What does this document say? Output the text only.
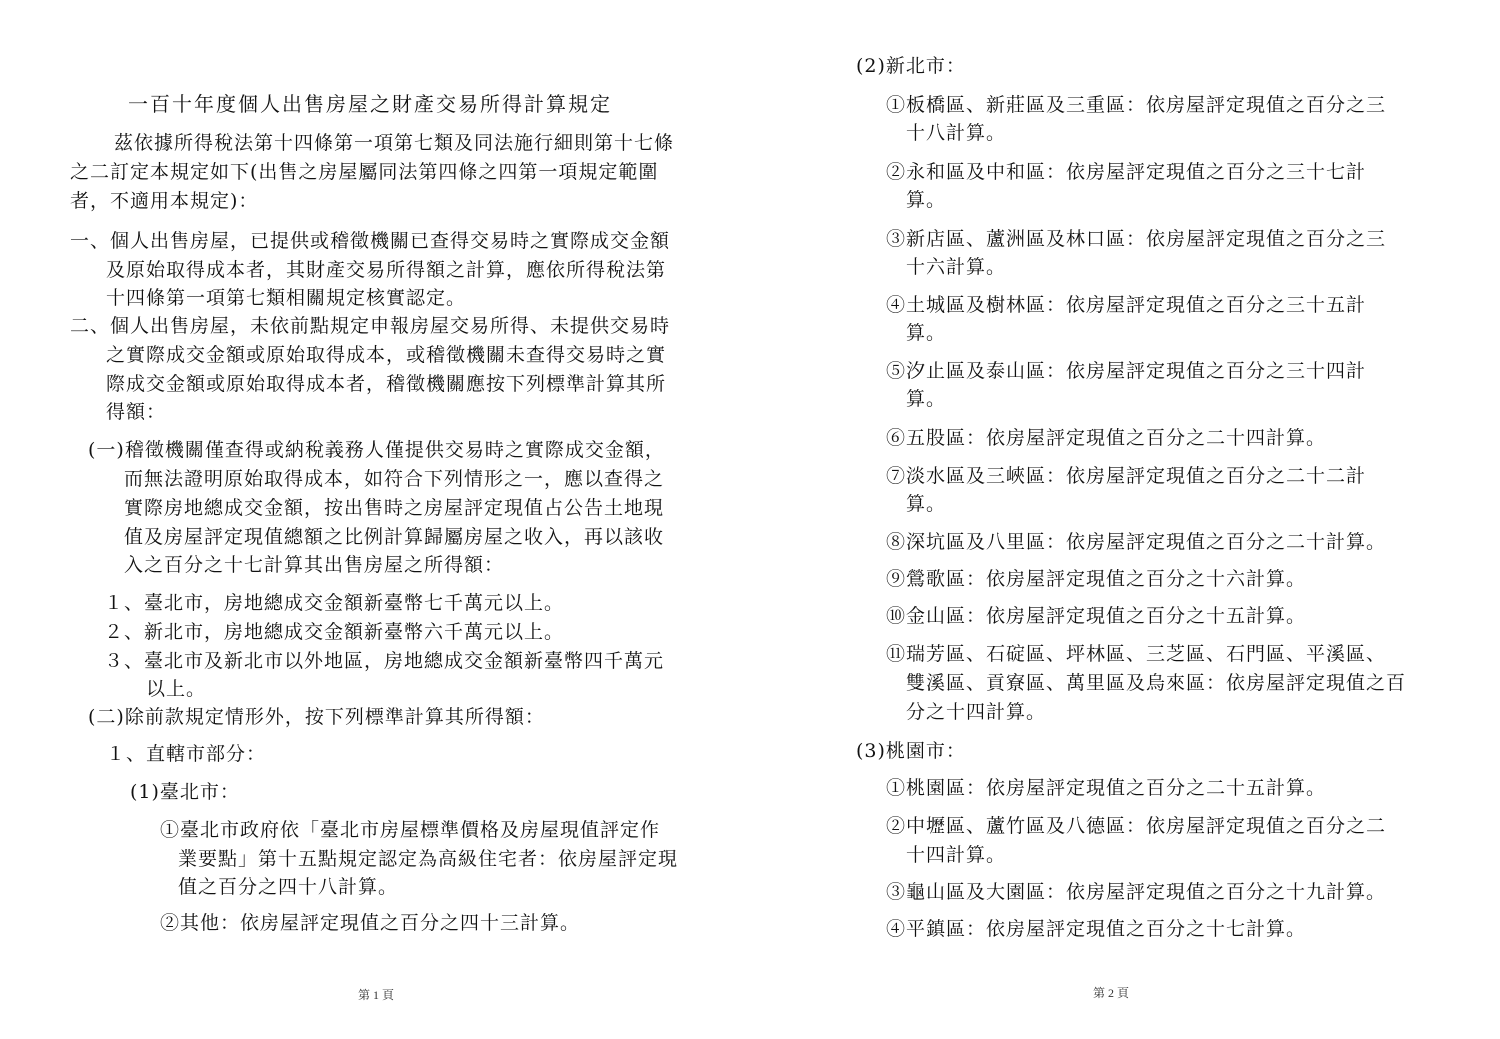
一百十年度個人出售房屋之財產交易所得計算規定
茲依據所得稅法第十四條第一項第七類及同法施行細則第十七條
之二訂定本規定如下(出售之房屋屬同法第四條之四第一項規定範圍
者，不適用本規定)：
一、個人出售房屋，已提供或稽徵機關已查得交易時之實際成交金額
及原始取得成本者，其財產交易所得額之計算，應依所得稅法第
十四條第一項第七類相關規定核實認定。
二、個人出售房屋，未依前點規定申報房屋交易所得、未提供交易時
之實際成交金額或原始取得成本，或稽徵機關未查得交易時之實
際成交金額或原始取得成本者，稽徵機關應按下列標準計算其所
得額：
(一)稽徵機關僅查得或納稅義務人僅提供交易時之實際成交金額，
而無法證明原始取得成本，如符合下列情形之一，應以查得之
實際房地總成交金額，按出售時之房屋評定現值占公告土地現
值及房屋評定現值總額之比例計算歸屬房屋之收入，再以該收
入之百分之十七計算其出售房屋之所得額：
１、臺北市，房地總成交金額新臺幣七千萬元以上。
２、新北市，房地總成交金額新臺幣六千萬元以上。
３、臺北市及新北市以外地區，房地總成交金額新臺幣四千萬元
以上。
(二)除前款規定情形外，按下列標準計算其所得額：
１、直轄市部分：
(1)臺北市：
①臺北市政府依「臺北市房屋標準價格及房屋現值評定作
業要點」第十五點規定認定為高級住宅者：依房屋評定現
值之百分之四十八計算。
②其他：依房屋評定現值之百分之四十三計算。
第 1 頁
(2)新北市：
①板橋區、新莊區及三重區：依房屋評定現值之百分之三
十八計算。
②永和區及中和區：依房屋評定現值之百分之三十七計
算。
③新店區、蘆洲區及林口區：依房屋評定現值之百分之三
十六計算。
④土城區及樹林區：依房屋評定現值之百分之三十五計
算。
⑤汐止區及泰山區：依房屋評定現值之百分之三十四計
算。
⑥五股區：依房屋評定現值之百分之二十四計算。
⑦淡水區及三峽區：依房屋評定現值之百分之二十二計
算。
⑧深坑區及八里區：依房屋評定現值之百分之二十計算。
⑨鶯歌區：依房屋評定現值之百分之十六計算。
⑩金山區：依房屋評定現值之百分之十五計算。
⑪瑞芳區、石碇區、坪林區、三芝區、石門區、平溪區、
雙溪區、貢寮區、萬里區及烏來區：依房屋評定現值之百
分之十四計算。
(3)桃園市：
①桃園區：依房屋評定現值之百分之二十五計算。
②中壢區、蘆竹區及八德區：依房屋評定現值之百分之二
十四計算。
③龜山區及大園區：依房屋評定現值之百分之十九計算。
④平鎮區：依房屋評定現值之百分之十七計算。
第 2 頁
